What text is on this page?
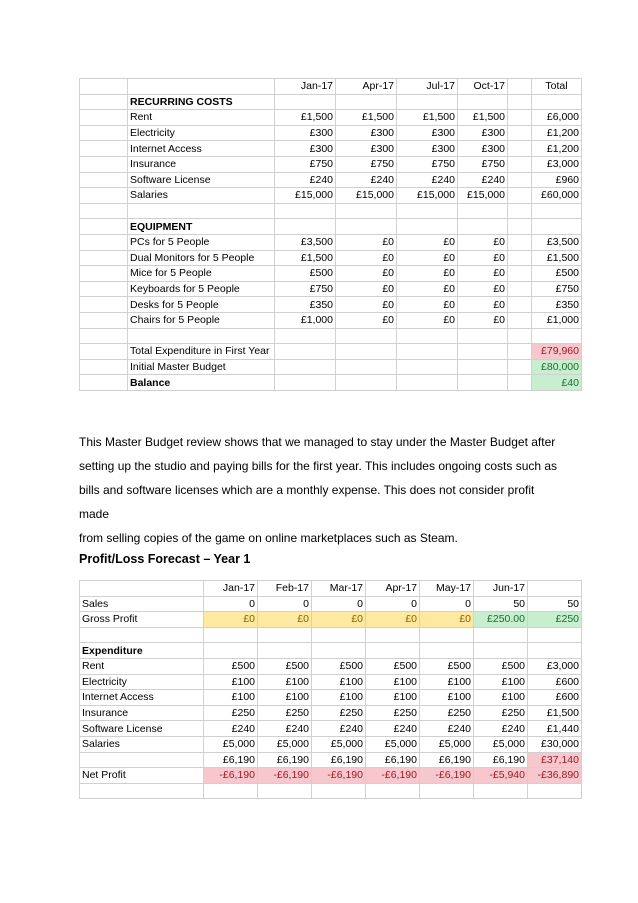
		Jan-17	Apr-17	Jul-17	Oct-17		Total
	RECURRING COSTS						
	Rent	£1,500	£1,500	£1,500	£1,500		£6,000
	Electricity	£300	£300	£300	£300		£1,200
	Internet Access	£300	£300	£300	£300		£1,200
	Insurance	£750	£750	£750	£750		£3,000
	Software License	£240	£240	£240	£240		£960
	Salaries	£15,000	£15,000	£15,000	£15,000		£60,000

	EQUIPMENT						
	PCs for 5 People	£3,500	£0	£0	£0		£3,500
	Dual Monitors for 5 People	£1,500	£0	£0	£0		£1,500
	Mice for 5 People	£500	£0	£0	£0		£500
	Keyboards for 5 People	£750	£0	£0	£0		£750
	Desks for 5 People	£350	£0	£0	£0		£350
	Chairs for 5 People	£1,000	£0	£0	£0		£1,000

	Total Expenditure in First Year						£79,960
	Initial Master Budget						£80,000
	Balance						£40

This Master Budget review shows that we managed to stay under the Master Budget after

setting up the studio and paying bills for the first year. This includes ongoing costs such as

bills and software licenses which are a monthly expense. This does not consider profit made

from selling copies of the game on online marketplaces such as Steam.

Profit/Loss Forecast – Year 1
	Jan-17	Feb-17	Mar-17	Apr-17	May-17	Jun-17	
Sales	0	0	0	0	0	50	50
Gross Profit	£0	£0	£0	£0	£0	£250.00	£250

Expenditure							
Rent	£500	£500	£500	£500	£500	£500	£3,000
Electricity	£100	£100	£100	£100	£100	£100	£600
Internet Access	£100	£100	£100	£100	£100	£100	£600
Insurance	£250	£250	£250	£250	£250	£250	£1,500
Software License	£240	£240	£240	£240	£240	£240	£1,440
Salaries	£5,000	£5,000	£5,000	£5,000	£5,000	£5,000	£30,000
	£6,190	£6,190	£6,190	£6,190	£6,190	£6,190	£37,140
Net Profit	-£6,190	-£6,190	-£6,190	-£6,190	-£6,190	-£5,940	-£36,890
